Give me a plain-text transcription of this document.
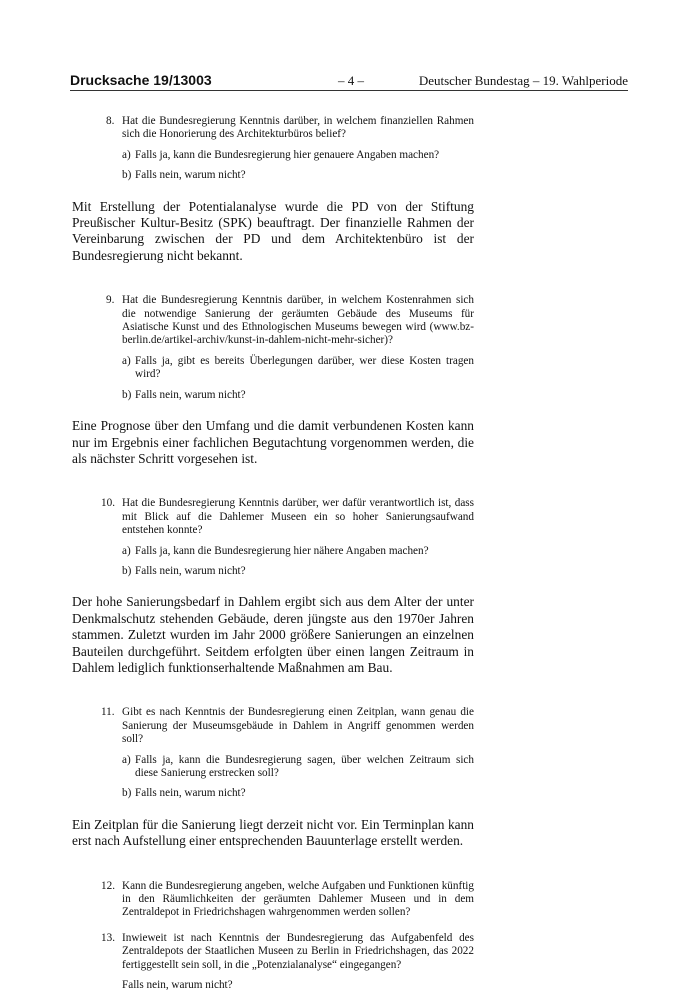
Drucksache 19/13003	– 4 –	Deutscher Bundestag – 19. Wahlperiode
8. Hat die Bundesregierung Kenntnis darüber, in welchem finanziellen Rahmen sich die Honorierung des Architekturbüros belief?
a) Falls ja, kann die Bundesregierung hier genauere Angaben machen?
b) Falls nein, warum nicht?
Mit Erstellung der Potentialanalyse wurde die PD von der Stiftung Preußischer Kultur-Besitz (SPK) beauftragt. Der finanzielle Rahmen der Vereinbarung zwischen der PD und dem Architektenbüro ist der Bundesregierung nicht bekannt.
9. Hat die Bundesregierung Kenntnis darüber, in welchem Kostenrahmen sich die notwendige Sanierung der geräumten Gebäude des Museums für Asiatische Kunst und des Ethnologischen Museums bewegen wird (www.bz-berlin.de/artikel-archiv/kunst-in-dahlem-nicht-mehr-sicher)?
a) Falls ja, gibt es bereits Überlegungen darüber, wer diese Kosten tragen wird?
b) Falls nein, warum nicht?
Eine Prognose über den Umfang und die damit verbundenen Kosten kann nur im Ergebnis einer fachlichen Begutachtung vorgenommen werden, die als nächster Schritt vorgesehen ist.
10. Hat die Bundesregierung Kenntnis darüber, wer dafür verantwortlich ist, dass mit Blick auf die Dahlemer Museen ein so hoher Sanierungsaufwand entstehen konnte?
a) Falls ja, kann die Bundesregierung hier nähere Angaben machen?
b) Falls nein, warum nicht?
Der hohe Sanierungsbedarf in Dahlem ergibt sich aus dem Alter der unter Denkmalschutz stehenden Gebäude, deren jüngste aus den 1970er Jahren stammen. Zuletzt wurden im Jahr 2000 größere Sanierungen an einzelnen Bauteilen durchgeführt. Seitdem erfolgten über einen langen Zeitraum in Dahlem lediglich funktionserhaltende Maßnahmen am Bau.
11. Gibt es nach Kenntnis der Bundesregierung einen Zeitplan, wann genau die Sanierung der Museumsgebäude in Dahlem in Angriff genommen werden soll?
a) Falls ja, kann die Bundesregierung sagen, über welchen Zeitraum sich diese Sanierung erstrecken soll?
b) Falls nein, warum nicht?
Ein Zeitplan für die Sanierung liegt derzeit nicht vor. Ein Terminplan kann erst nach Aufstellung einer entsprechenden Bauunterlage erstellt werden.
12. Kann die Bundesregierung angeben, welche Aufgaben und Funktionen künftig in den Räumlichkeiten der geräumten Dahlemer Museen und in dem Zentraldepot in Friedrichshagen wahrgenommen werden sollen?
13. Inwieweit ist nach Kenntnis der Bundesregierung das Aufgabenfeld des Zentraldepots der Staatlichen Museen zu Berlin in Friedrichshagen, das 2022 fertiggestellt sein soll, in die „Potenzialanalyse“ eingegangen?
Falls nein, warum nicht?
